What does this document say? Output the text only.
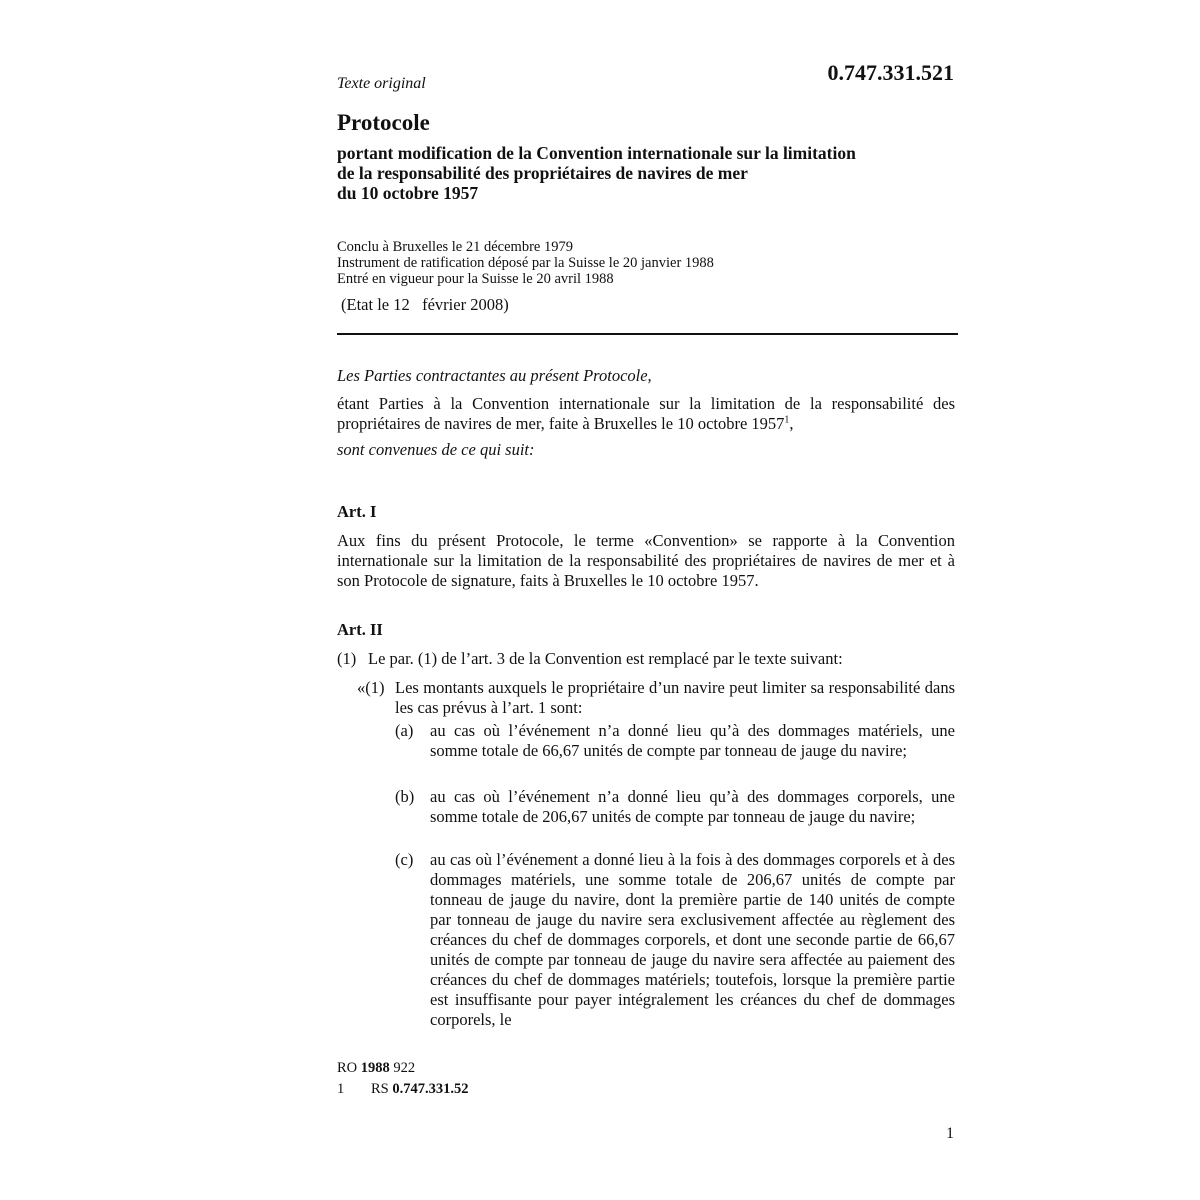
Texte original	0.747.331.521
Protocole
portant modification de la Convention internationale sur la limitation
de la responsabilité des propriétaires de navires de mer
du 10 octobre 1957
Conclu à Bruxelles le 21 décembre 1979
Instrument de ratification déposé par la Suisse le 20 janvier 1988
Entré en vigueur pour la Suisse le 20 avril 1988
(Etat le 12   février 2008)
Les Parties contractantes au présent Protocole,
étant Parties à la Convention internationale sur la limitation de la responsabilité des propriétaires de navires de mer, faite à Bruxelles le 10 octobre 1957$^1$,
sont convenues de ce qui suit:
Art. I
Aux fins du présent Protocole, le terme «Convention» se rapporte à la Convention internationale sur la limitation de la responsabilité des propriétaires de navires de mer et à son Protocole de signature, faits à Bruxelles le 10 octobre 1957.
Art. II
(1) Le par. (1) de l’art. 3 de la Convention est remplacé par le texte suivant:
«(1) Les montants auxquels le propriétaire d’un navire peut limiter sa responsabilité dans les cas prévus à l’art. 1 sont:
(a) au cas où l’événement n’a donné lieu qu’à des dommages matériels, une somme totale de 66,67 unités de compte par tonneau de jauge du navire;
(b) au cas où l’événement n’a donné lieu qu’à des dommages corporels, une somme totale de 206,67 unités de compte par tonneau de jauge du navire;
(c) au cas où l’événement a donné lieu à la fois à des dommages corporels et à des dommages matériels, une somme totale de 206,67 unités de compte par tonneau de jauge du navire, dont la première partie de 140 unités de compte par tonneau de jauge du navire sera exclusivement affectée au règlement des créances du chef de dommages corporels, et dont une seconde partie de 66,67 unités de compte par tonneau de jauge du navire sera affectée au paiement des créances du chef de dommages matériels; toutefois, lorsque la première partie est insuffisante pour payer intégralement les créances du chef de dommages corporels, le
RO 1988 922
1 RS 0.747.331.52
1
